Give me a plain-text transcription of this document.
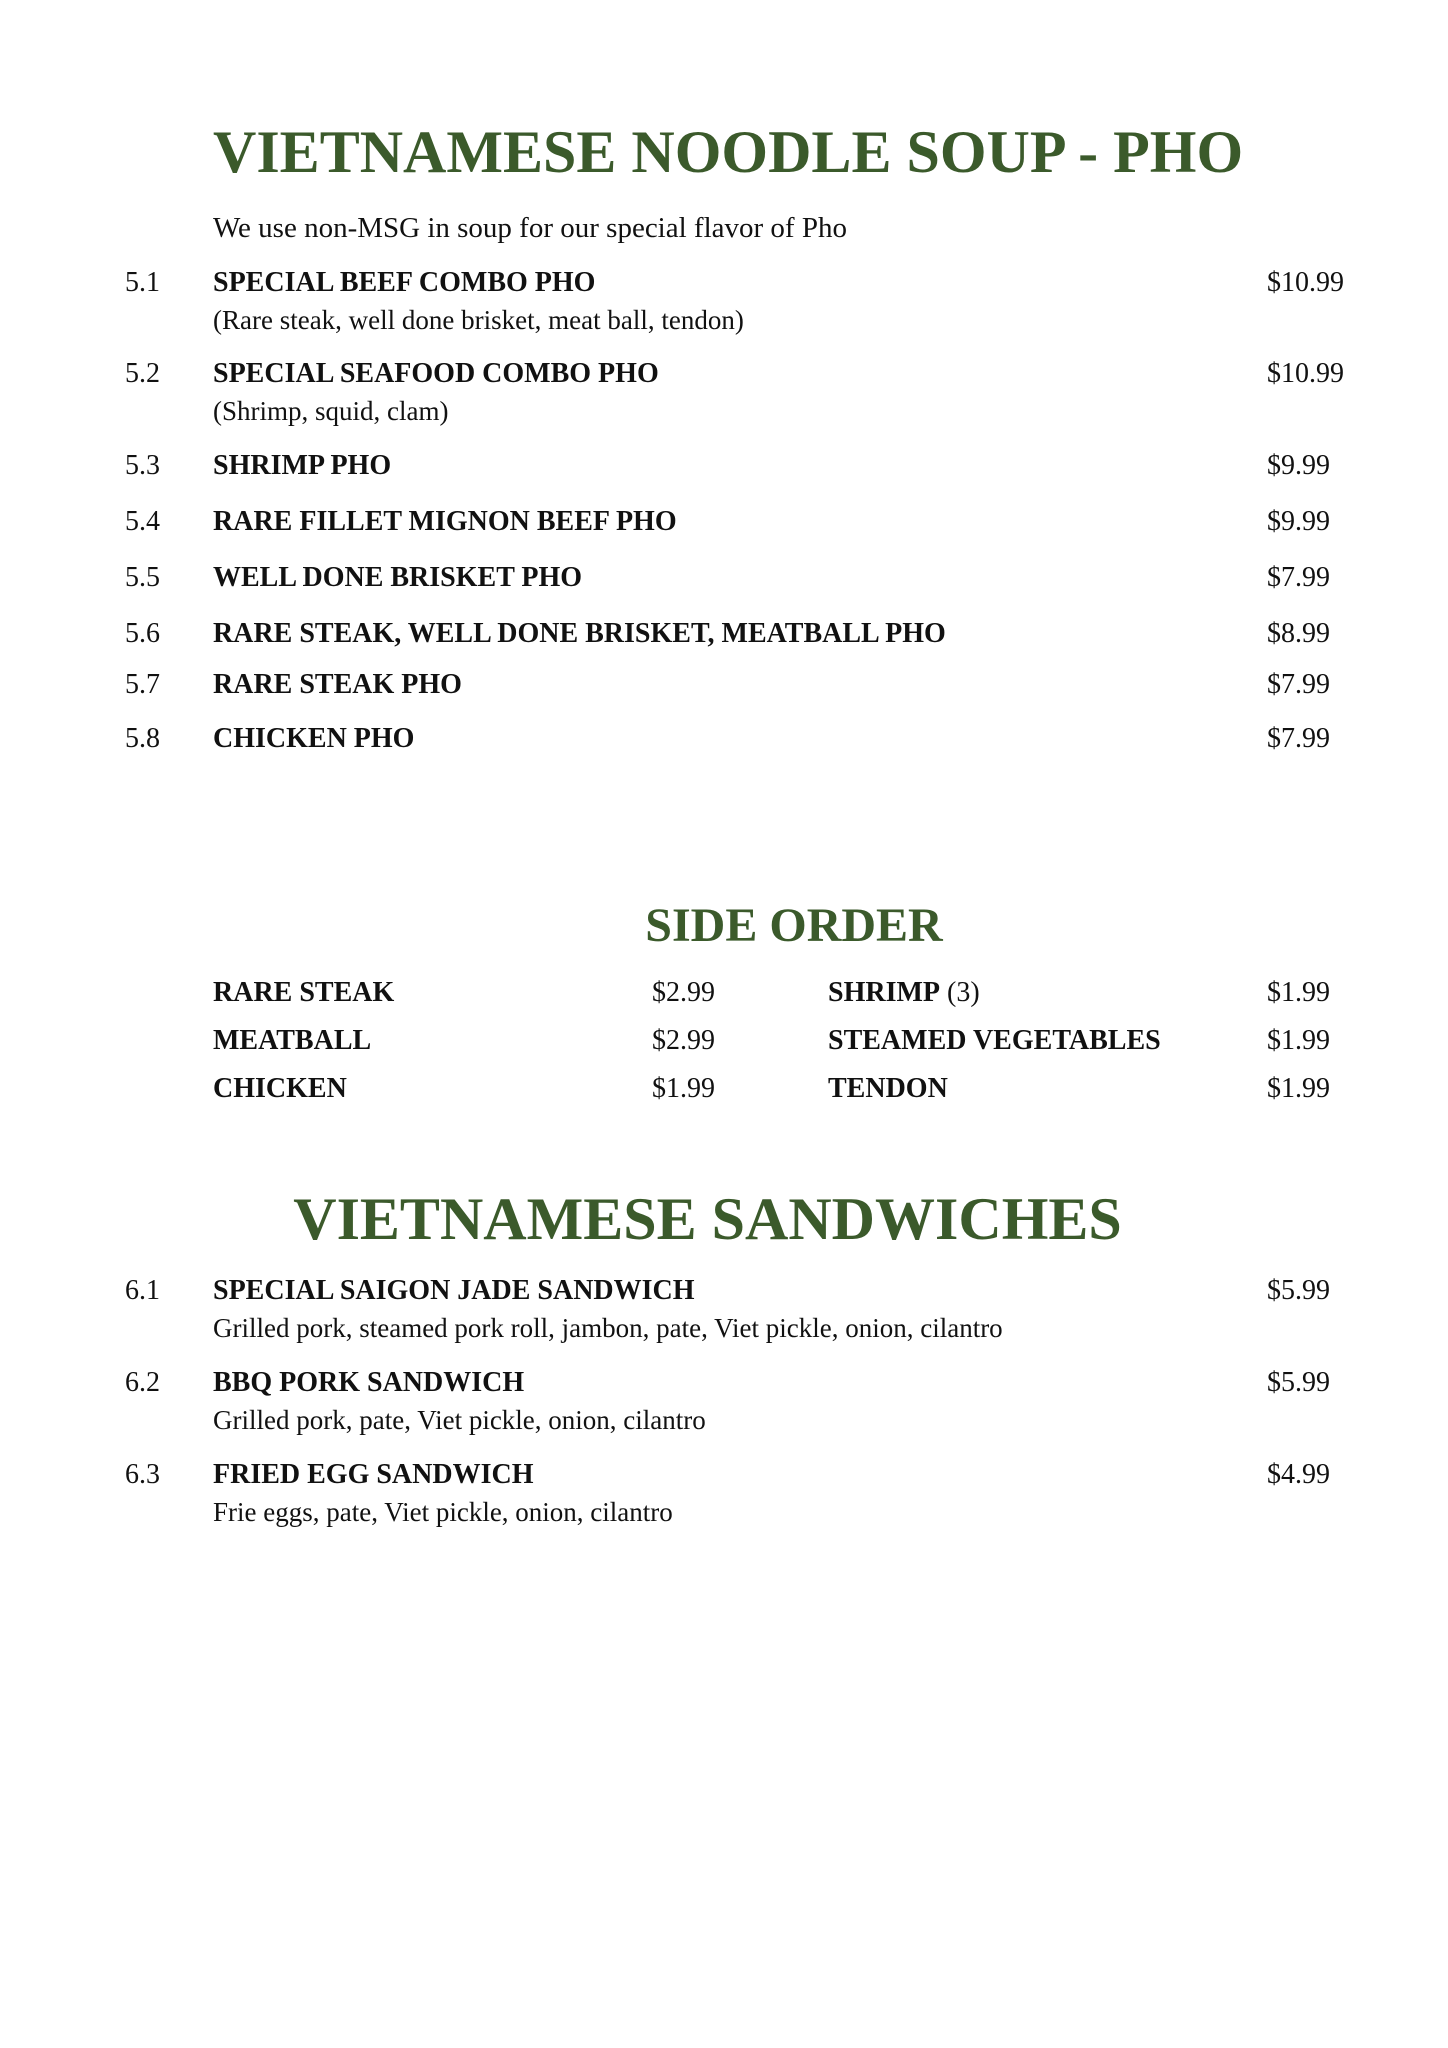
VIETNAMESE NOODLE SOUP - PHO
We use non-MSG in soup for our special flavor of Pho
5.1 SPECIAL BEEF COMBO PHO	$10.99
(Rare steak, well done brisket, meat ball, tendon)
5.2 SPECIAL SEAFOOD COMBO PHO	$10.99
(Shrimp, squid, clam)
5.3 SHRIMP PHO	$9.99
5.4 RARE FILLET MIGNON BEEF PHO	$9.99
5.5 WELL DONE BRISKET PHO	$7.99
5.6 RARE STEAK, WELL DONE BRISKET, MEATBALL PHO	$8.99
5.7 RARE STEAK PHO	$7.99
5.8 CHICKEN PHO	$7.99
SIDE ORDER
RARE STEAK	$2.99	SHRIMP (3)	$1.99
MEATBALL	$2.99	STEAMED VEGETABLES	$1.99
CHICKEN	$1.99	TENDON	$1.99
VIETNAMESE SANDWICHES
6.1 SPECIAL SAIGON JADE SANDWICH	$5.99
Grilled pork, steamed pork roll, jambon, pate, Viet pickle, onion, cilantro
6.2 BBQ PORK SANDWICH	$5.99
Grilled pork, pate, Viet pickle, onion, cilantro
6.3 FRIED EGG SANDWICH	$4.99
Frie eggs, pate, Viet pickle, onion, cilantro
